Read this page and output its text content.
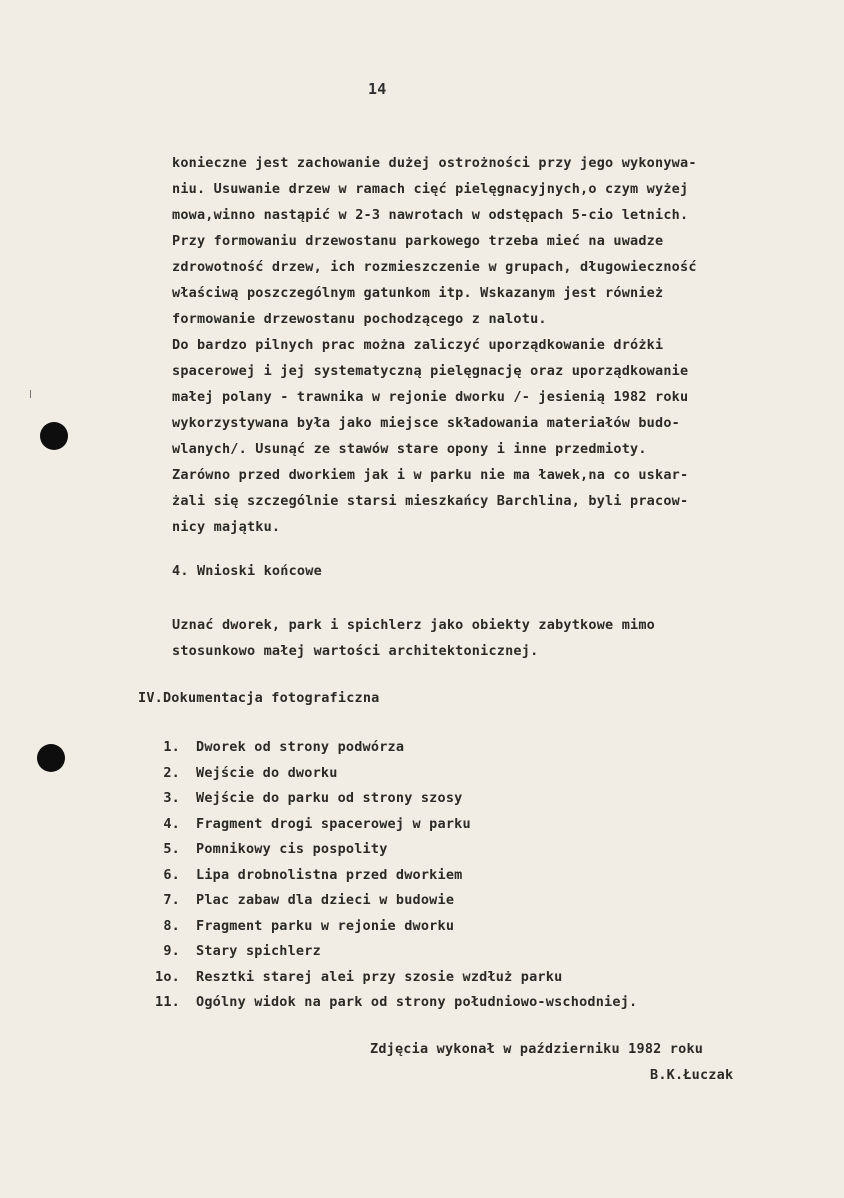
14
konieczne jest zachowanie dużej ostrożności przy jego wykonywa-
niu. Usuwanie drzew w ramach cięć pielęgnacyjnych,o czym wyżej
mowa,winno nastąpić w 2-3 nawrotach w odstępach 5-cio letnich.
Przy formowaniu drzewostanu parkowego trzeba mieć na uwadze
zdrowotność drzew, ich rozmieszczenie w grupach, długowieczność
właściwą poszczególnym gatunkom itp. Wskazanym jest również
formowanie drzewostanu pochodzącego z nalotu.
Do bardzo pilnych prac można zaliczyć uporządkowanie dróżki
spacerowej i jej systematyczną pielęgnację oraz uporządkowanie
małej polany - trawnika w rejonie dworku /- jesienią 1982 roku
wykorzystywana była jako miejsce składowania materiałów budo-
wlanych/. Usunąć ze stawów stare opony i inne przedmioty.
Zarówno przed dworkiem jak i w parku nie ma ławek,na co uskar-
żali się szczególnie starsi mieszkańcy Barchlina, byli pracow-
nicy majątku.
4. Wnioski końcowe
Uznać dworek, park i spichlerz jako obiekty zabytkowe mimo
stosunkowo małej wartości architektonicznej.
IV.Dokumentacja fotograficzna
1. Dworek od strony podwórza
2. Wejście do dworku
3. Wejście do parku od strony szosy
4. Fragment drogi spacerowej w parku
5. Pomnikowy cis pospolity
6. Lipa drobnolistna przed dworkiem
7. Plac zabaw dla dzieci w budowie
8. Fragment parku w rejonie dworku
9. Stary spichlerz
1o. Resztki starej alei przy szosie wzdłuż parku
11. Ogólny widok na park od strony południowo-wschodniej.
Zdjęcia wykonał w październiku 1982 roku
B.K.Łuczak
